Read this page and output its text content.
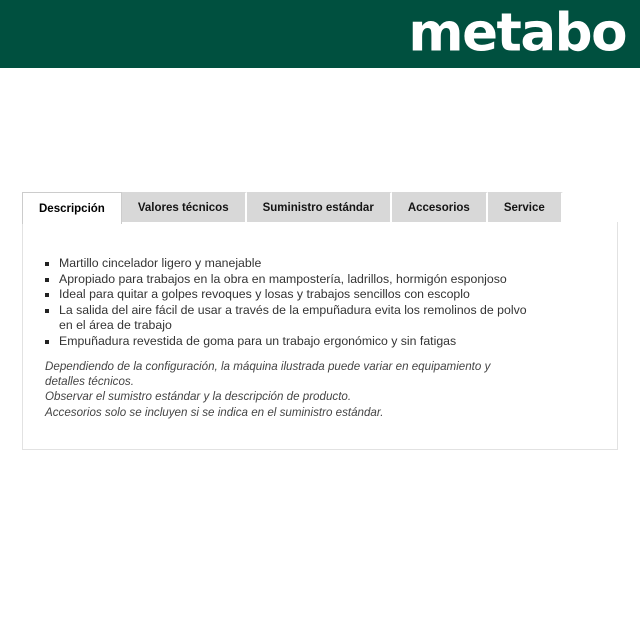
metabo
Descripción	Valores técnicos	Suministro estándar	Accesorios	Service
Martillo cincelador ligero y manejable
Apropiado para trabajos en la obra en mampostería, ladrillos, hormigón esponjoso
Ideal para quitar a golpes revoques y losas y trabajos sencillos con escoplo
La salida del aire fácil de usar a través de la empuñadura evita los remolinos de polvo en el área de trabajo
Empuñadura revestida de goma para un trabajo ergonómico y sin fatigas

Dependiendo de la configuración, la máquina ilustrada puede variar en equipamiento y detalles técnicos.

Observar el sumistro estándar y la descripción de producto.

Accesorios solo se incluyen si se indica en el suministro estándar.
